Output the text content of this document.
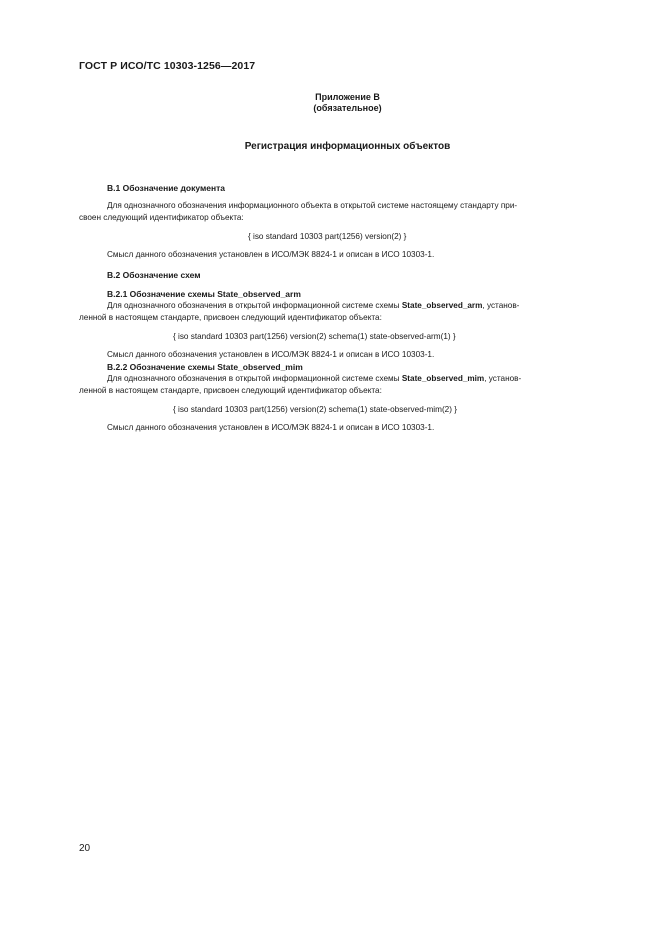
ГОСТ Р ИСО/ТС 10303-1256—2017
Приложение В
(обязательное)
Регистрация информационных объектов
В.1 Обозначение документа
Для однозначного обозначения информационного объекта в открытой системе настоящему стандарту при-
своен следующий идентификатор объекта:
{ iso standard 10303 part(1256) version(2) }
Смысл данного обозначения установлен в ИСО/МЭК 8824-1 и описан в ИСО 10303-1.
В.2 Обозначение схем
В.2.1 Обозначение схемы State_observed_arm
Для однозначного обозначения в открытой информационной системе схемы State_observed_arm, установ-
ленной в настоящем стандарте, присвоен следующий идентификатор объекта:
{ iso standard 10303 part(1256) version(2) schema(1) state-observed-arm(1) }
Смысл данного обозначения установлен в ИСО/МЭК 8824-1 и описан в ИСО 10303-1.
В.2.2 Обозначение схемы State_observed_mim
Для однозначного обозначения в открытой информационной системе схемы State_observed_mim, установ-
ленной в настоящем стандарте, присвоен следующий идентификатор объекта:
{ iso standard 10303 part(1256) version(2) schema(1) state-observed-mim(2) }
Смысл данного обозначения установлен в ИСО/МЭК 8824-1 и описан в ИСО 10303-1.
20
